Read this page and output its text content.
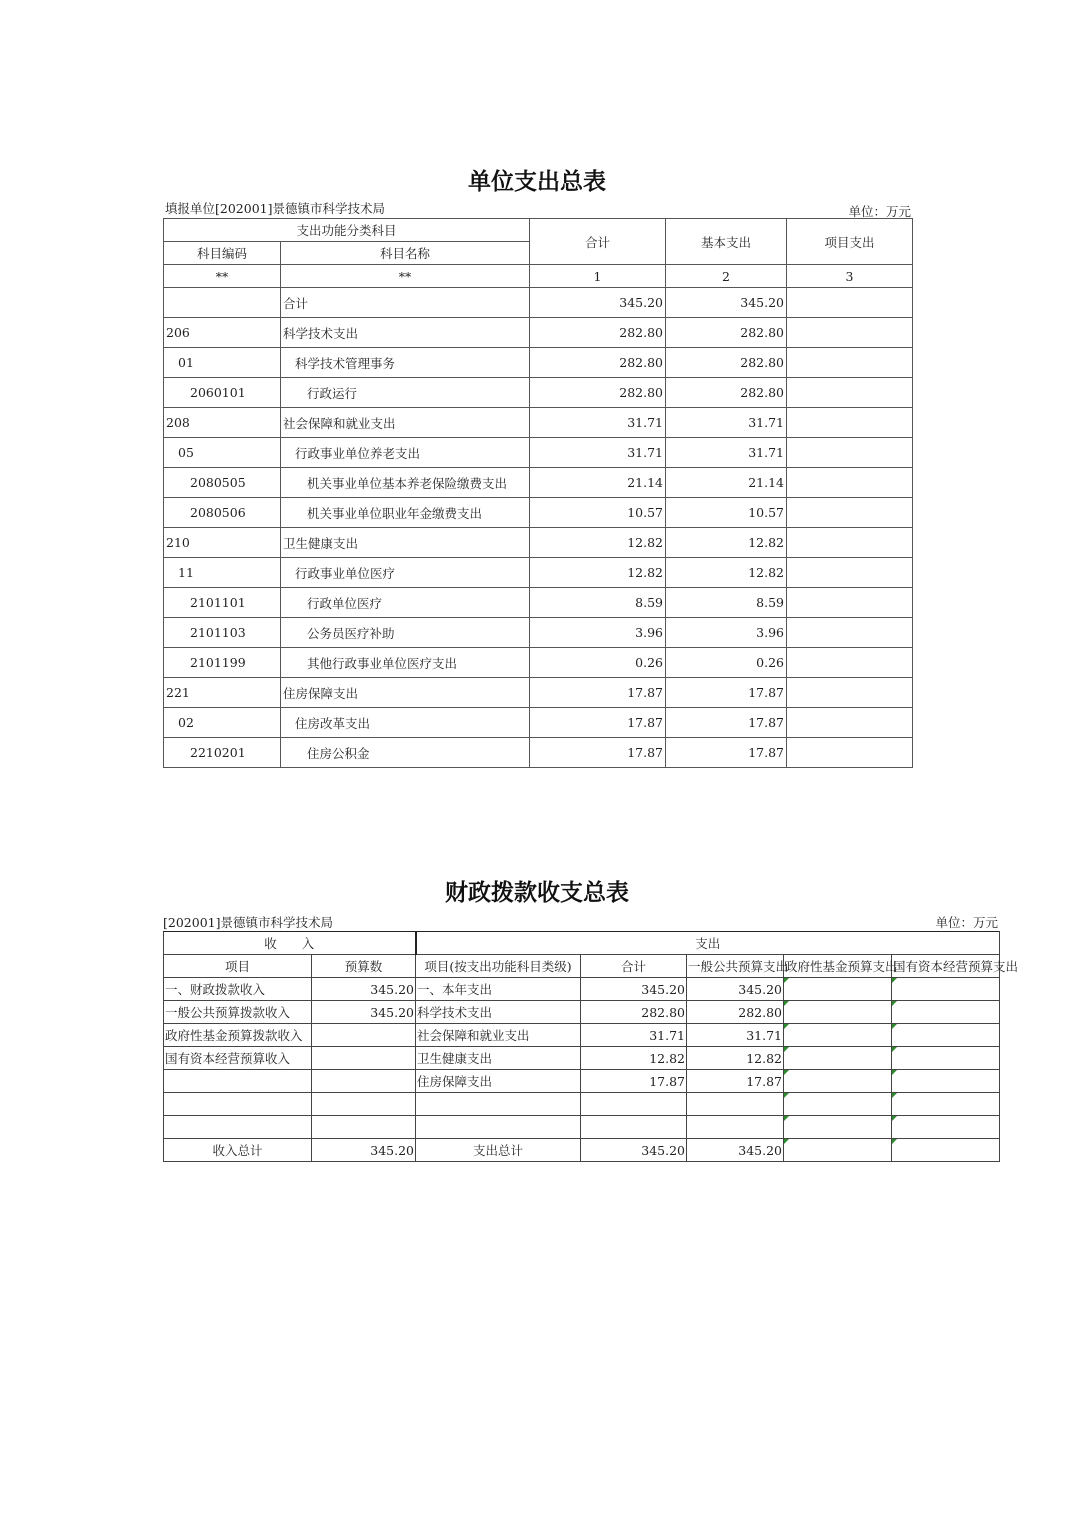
单位支出总表
填报单位[202001]景德镇市科学技术局	单位：万元
支出功能分类科目		合计	基本支出	项目支出
科目编码	科目名称			
**	**	1	2	3
	合计	345.20	345.20	
206	科学技术支出	282.80	282.80	
01	科学技术管理事务	282.80	282.80	
2060101	行政运行	282.80	282.80	
208	社会保障和就业支出	31.71	31.71	
05	行政事业单位养老支出	31.71	31.71	
2080505	机关事业单位基本养老保险缴费支出	21.14	21.14	
2080506	机关事业单位职业年金缴费支出	10.57	10.57	
210	卫生健康支出	12.82	12.82	
11	行政事业单位医疗	12.82	12.82	
2101101	行政单位医疗	8.59	8.59	
2101103	公务员医疗补助	3.96	3.96	
2101199	其他行政事业单位医疗支出	0.26	0.26	
221	住房保障支出	17.87	17.87	
02	住房改革支出	17.87	17.87	
2210201	住房公积金	17.87	17.87	
财政拨款收支总表
[202001]景德镇市科学技术局	单位：万元
收　　入		支出				
项目	预算数	项目(按支出功能科目类级)	合计	一般公共预算支出	政府性基金预算支出	国有资本经营预算支出
一、财政拨款收入	345.20	一、本年支出	345.20	345.20		
一般公共预算拨款收入	345.20	科学技术支出	282.80	282.80		
政府性基金预算拨款收入		社会保障和就业支出	31.71	31.71		
国有资本经营预算收入		卫生健康支出	12.82	12.82		
		住房保障支出	17.87	17.87		

收入总计	345.20	支出总计	345.20	345.20		
